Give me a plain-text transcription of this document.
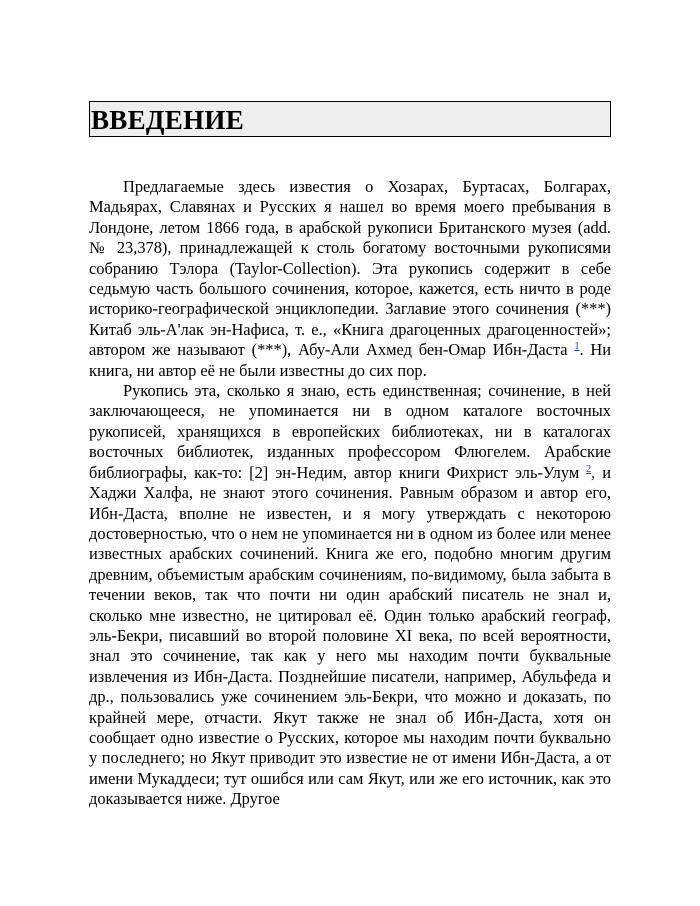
ВВЕДЕНИЕ

Предлагаемые здесь известия о Хозарах, Буртасах, Болгарах, Мадьярах, Славянах и Русских я нашел во время моего пребывания в Лондоне, летом 1866 года, в арабской рукописи Британского музея (add. № 23,378), принадлежащей к столь богатому восточными рукописями собранию Тэлора (Taylor-Collection). Эта рукопись содержит в себе седьмую часть большого сочинения, которое, кажется, есть ничто в роде историко-географической энциклопедии. Заглавие этого сочинения (***) Китаб эль-А'лак эн-Нафиса, т. е., «Книга драгоценных драгоценностей»; автором же называют (***), Абу-Али Ахмед бен-Омар Ибн-Даста $^1$. Ни книга, ни автор её не были известны до сих пор.

Рукопись эта, сколько я знаю, есть единственная; сочинение, в ней заключающееся, не упоминается ни в одном каталоге восточных рукописей, хранящихся в европейских библиотеках, ни в каталогах восточных библиотек, изданных профессором Флюгелем. Арабские библиографы, как-то: [2] эн-Недим, автор книги Фихрист эль-Улум $^2$, и Хаджи Халфа, не знают этого сочинения. Равным образом и автор его, Ибн-Даста, вполне не известен, и я могу утверждать с некоторою достоверностью, что о нем не упоминается ни в одном из более или менее известных арабских сочинений. Книга же его, подобно многим другим древним, объемистым арабским сочинениям, по-видимому, была забыта в течении веков, так что почти ни один арабский писатель не знал и, сколько мне известно, не цитировал её. Один только арабский географ, эль-Бекри, писавший во второй половине XI века, по всей вероятности, знал это сочинение, так как у него мы находим почти буквальные извлечения из Ибн-Даста. Позднейшие писатели, например, Абульфеда и др., пользовались уже сочинением эль-Бекри, что можно и доказать, по крайней мере, отчасти. Якут также не знал об Ибн-Даста, хотя он сообщает одно известие о Русских, которое мы находим почти буквально у последнего; но Якут приводит это известие не от имени Ибн-Даста, а от имени Мукаддеси; тут ошибся или сам Якут, или же его источник, как это доказывается ниже. Другое
